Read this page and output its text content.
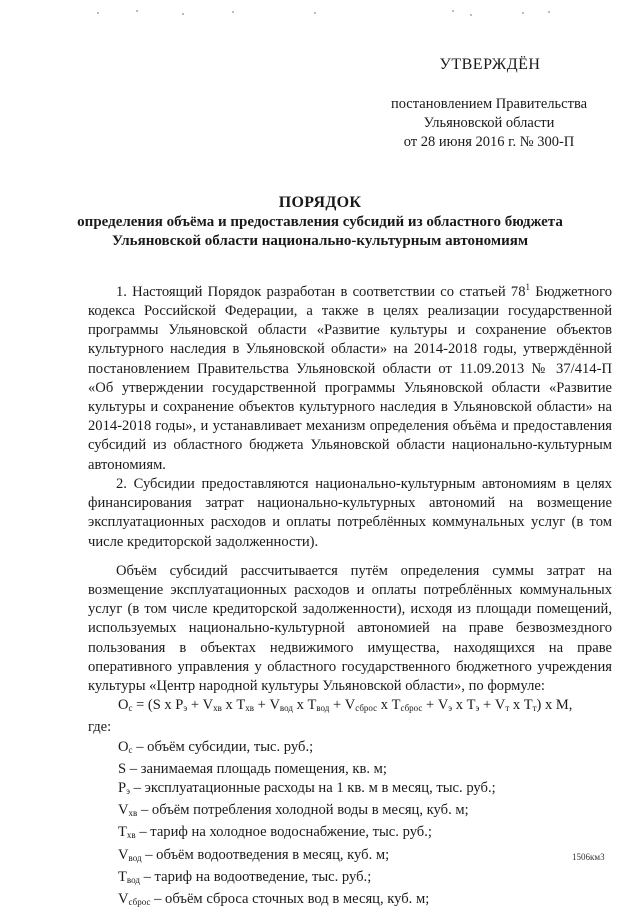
УТВЕРЖДЁН
постановлением Правительства
Ульяновской области
от 28 июня 2016 г. № 300-П
ПОРЯДОК
определения объёма и предоставления субсидий из областного бюджета Ульяновской области национально-культурным автономиям

1. Настоящий Порядок разработан в соответствии со статьей $78^1$ Бюджетного кодекса Российской Федерации, а также в целях реализации государственной программы Ульяновской области «Развитие культуры и сохранение объектов культурного наследия в Ульяновской области» на 2014-2018 годы, утверждённой постановлением Правительства Ульяновской области от 11.09.2013 № 37/414-П «Об утверждении государственной программы Ульяновской области «Развитие культуры и сохранение объектов культурного наследия в Ульяновской области» на 2014-2018 годы», и устанавливает механизм определения объёма и предоставления субсидий из областного бюджета Ульяновской области национально-культурным автономиям.

2. Субсидии предоставляются национально-культурным автономиям в целях финансирования затрат национально-культурных автономий на возмещение эксплуатационных расходов и оплаты потреблённых коммунальных услуг (в том числе кредиторской задолженности).

Объём субсидий рассчитывается путём определения суммы затрат на возмещение эксплуатационных расходов и оплаты потреблённых коммунальных услуг (в том числе кредиторской задолженности), исходя из площади помещений, используемых национально-культурной автономией на праве безвозмездного пользования в объектах недвижимого имущества, находящихся на праве оперативного управления у областного государственного бюджетного учреждения культуры «Центр народной культуры Ульяновской области», по формуле:

$О_с = (S$ х $Р_э + V_{хв}$ х $Т_{хв} + V_{вод}$ х $Т_{вод} + V_{сброс}$ х $Т_{сброс} + V_э$ х $Т_э + V_т$ х $Т_т$) х М,

где:

$О_с$ – объём субсидии, тыс. руб.;

S – занимаемая площадь помещения, кв. м;

$Р_э$ – эксплуатационные расходы на 1 кв. м в месяц, тыс. руб.;

$V_{хв}$ – объём потребления холодной воды в месяц, куб. м;

$Т_{хв}$ – тариф на холодное водоснабжение, тыс. руб.;

$V_{вод}$ – объём водоотведения в месяц, куб. м;

$Т_{вод}$ – тариф на водоотведение, тыс. руб.;

$V_{сброс}$ – объём сброса сточных вод в месяц, куб. м;

1506км3
